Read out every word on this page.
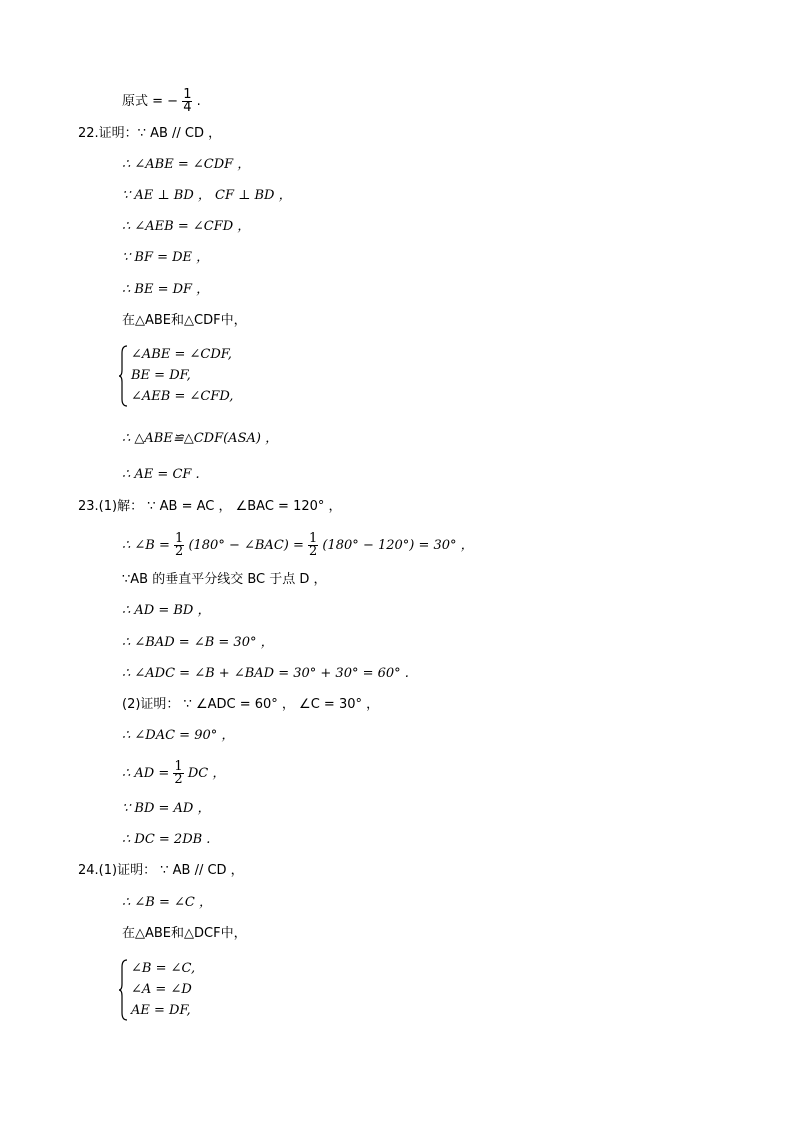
原式 = − $\frac{1}{4}$ .
22.证明：∵ AB // CD ，
∴ ∠ABE = ∠CDF ，
∵ AE ⊥ BD ， CF ⊥ BD ，
∴ ∠AEB = ∠CFD ，
∵ BF = DE ，
∴ BE = DF ，
在△ABE和△CDF中，
∠ABE = ∠CDF,
BE = DF,
∠AEB = ∠CFD,
∴ △ABE≌△CDF(ASA) ，
∴ AE = CF .
23.(1)解： ∵ AB = AC ， ∠BAC = 120° ，
∴ ∠B = $\frac{1}{2} (180^\circ$ − ∠BAC) = $\frac{1}{2} (180^\circ - 120^\circ) = 30^\circ$ ，
∵AB 的垂直平分线交 BC 于点 D ，
∴ AD = BD ，
∴ ∠BAD = ∠B = 30° ，
∴ ∠ADC = ∠B + ∠BAD = 30° + 30° = 60° .
(2)证明： ∵ ∠ADC = 60° ， ∠C = 30° ，
∴ ∠DAC = 90° ，
∴ AD = $\frac{1}{2}$ DC ，
∵ BD = AD ，
∴ DC = 2DB .
24.(1)证明： ∵ AB // CD ，
∴ ∠B = ∠C ，
在△ABE和△DCF中，
∠B = ∠C,
∠A = ∠D
AE = DF,
